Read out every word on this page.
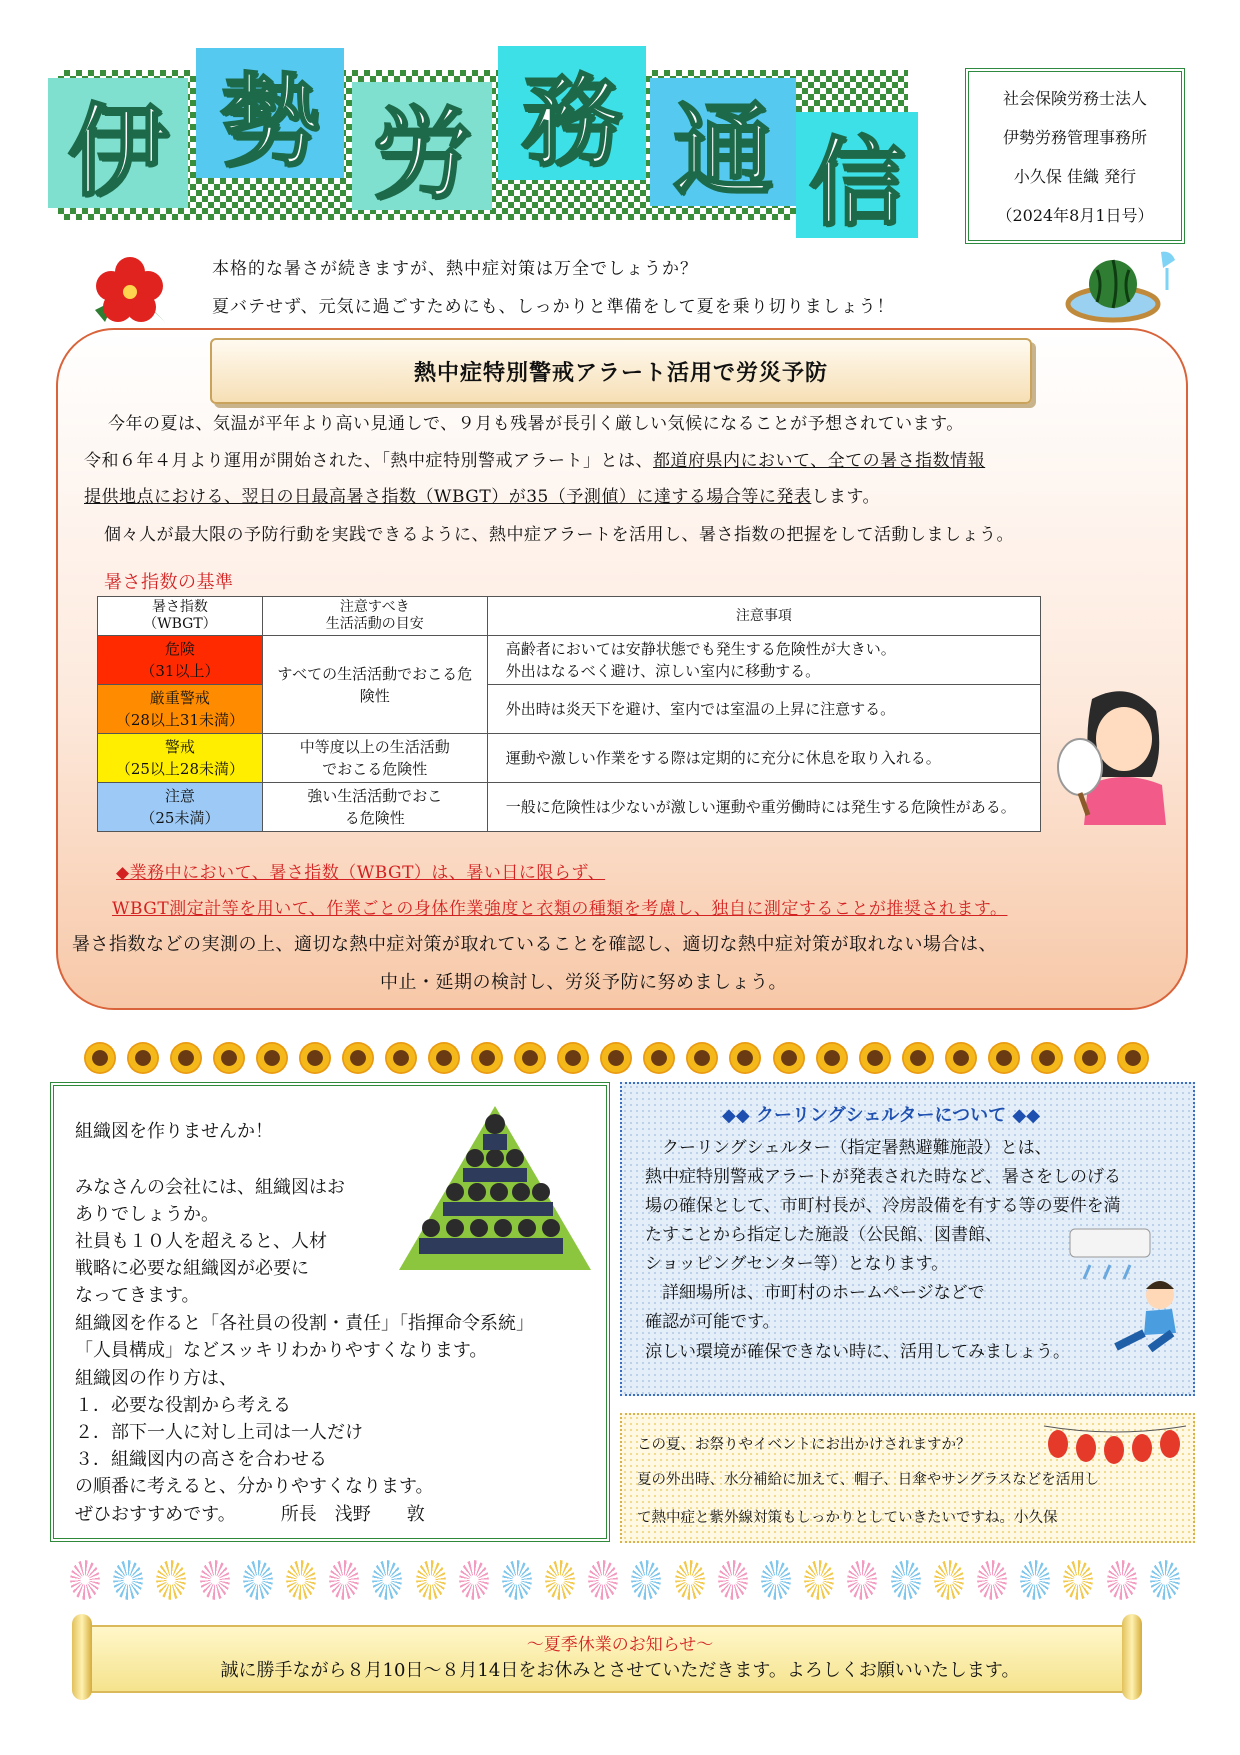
伊 勢 労 務 通 信
社会保険労務士法人
伊勢労務管理事務所
小久保 佳織 発行
（2024年8月1日号）
本格的な暑さが続きますが、熱中症対策は万全でしょうか？
夏バテせず、元気に過ごすためにも、しっかりと準備をして夏を乗り切りましょう！
熱中症特別警戒アラート活用で労災予防
今年の夏は、気温が平年より高い見通しで、９月も残暑が長引く厳しい気候になることが予想されています。
令和６年４月より運用が開始された、「熱中症特別警戒アラート」とは、都道府県内において、全ての暑さ指数情報
提供地点における、翌日の日最高暑さ指数（WBGT）が35（予測値）に達する場合等に発表します。
個々人が最大限の予防行動を実践できるように、熱中症アラートを活用し、暑さ指数の把握をして活動しましょう。
暑さ指数の基準
暑さ指数
（WBGT）	注意すべき
生活活動の目安	注意事項
危険
（31以上）	すべての生活活動でおこる危険性	高齢者においては安静状態でも発生する危険性が大きい。
外出はなるべく避け、涼しい室内に移動する。
厳重警戒
（28以上31未満）		外出時は炎天下を避け、室内では室温の上昇に注意する。
警戒
（25以上28未満）	中等度以上の生活活動でおこる危険性	運動や激しい作業をする際は定期的に充分に休息を取り入れる。
注意
（25未満）	強い生活活動でおこる危険性	一般に危険性は少ないが激しい運動や重労働時には発生する危険性がある。
◆業務中において、暑さ指数（WBGT）は、暑い日に限らず、
WBGT測定計等を用いて、作業ごとの身体作業強度と衣類の種類を考慮し、独自に測定することが推奨されます。
暑さ指数などの実測の上、適切な熱中症対策が取れていることを確認し、適切な熱中症対策が取れない場合は、
中止・延期の検討し、労災予防に努めましょう。
組織図を作りませんか！
みなさんの会社には、組織図はお
ありでしょうか。
社員も１０人を超えると、人材
戦略に必要な組織図が必要に
なってきます。
組織図を作ると「各社員の役割・責任」「指揮命令系統」
「人員構成」などスッキリわかりやすくなります。
組織図の作り方は、
１．必要な役割から考える
２．部下一人に対し上司は一人だけ
３．組織図内の高さを合わせる
の順番に考えると、分かりやすくなります。
ぜひおすすめです。　　　所長　浅野　　敦
◆◆ クーリングシェルターについて ◆◆
　クーリングシェルター（指定暑熱避難施設）とは、
熱中症特別警戒アラートが発表された時など、暑さをしのげる
場の確保として、市町村長が、冷房設備を有する等の要件を満
たすことから指定した施設（公民館、図書館、
ショッピングセンター等）となります。
　詳細場所は、市町村のホームページなどで
確認が可能です。
涼しい環境が確保できない時に、活用してみましょう。
この夏、お祭りやイベントにお出かけされますか？
夏の外出時、水分補給に加えて、帽子、日傘やサングラスなどを活用し
て熱中症と紫外線対策もしっかりとしていきたいですね。小久保
～夏季休業のお知らせ～
誠に勝手ながら８月10日～８月14日をお休みとさせていただきます。よろしくお願いいたします。
